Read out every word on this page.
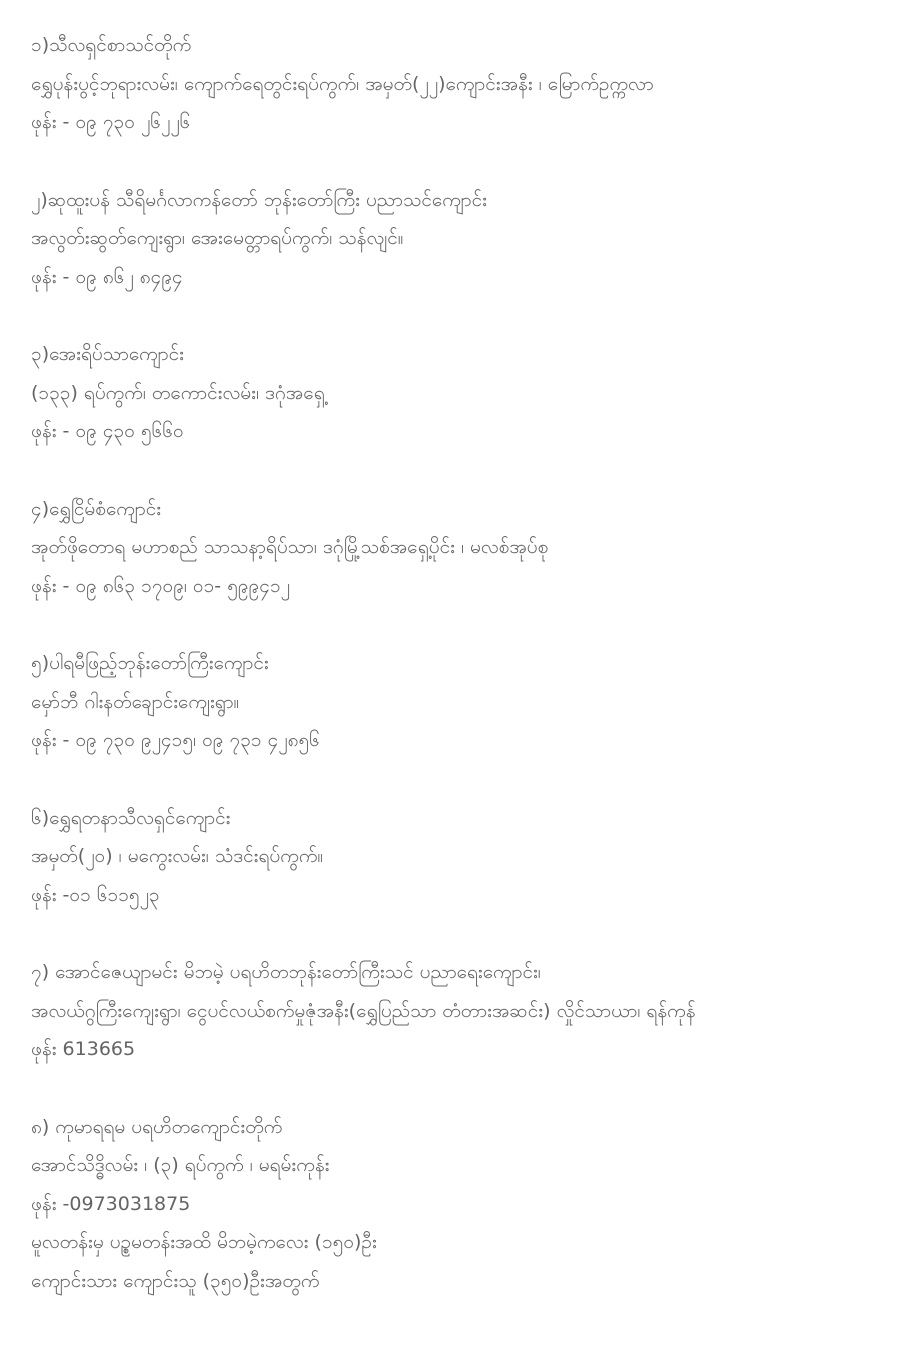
၁)သီလရှင်စာသင်တိုက်
ရွှေပုန်းပွင့်ဘုရားလမ်း၊ ကျောက်ရေတွင်းရပ်ကွက်၊ အမှတ်(၂၂)ကျောင်းအနီး ၊ မြောက်ဥက္ကလာ
ဖုန်း - ၀၉ ၇၃၀ ၂၆၂၂၆
၂)ဆုထူးပန် သီရိမင်္ဂလာကန်တော် ဘုန်းတော်ကြီး ပညာသင်ကျောင်း
အလွတ်းဆွတ်ကျေးရွာ၊ အေးမေတ္တာရပ်ကွက်၊ သန်လျင်။
ဖုန်း - ၀၉ ၈၆၂ ၈၄၉၄
၃)အေးရိပ်သာကျောင်း
(၁၃၃) ရပ်ကွက်၊ တကောင်းလမ်း၊ ဒဂုံအရှေ့
ဖုန်း - ၀၉ ၄၃၀ ၅၆၆၀
၄)ရွှေငြိမ်စံကျောင်း
အုတ်ဖိုတောရ မဟာစည် သာသနာ့ရိပ်သာ၊ ဒဂုံမြို့သစ်အရှေ့ပိုင်း ၊ မလစ်အုပ်စု
ဖုန်း - ၀၉ ၈၆၃ ၁၇၀၉၊ ၀၁- ၅၉၉၄၁၂
၅)ပါရမီဖြည့်ဘုန်းတော်ကြီးကျောင်း
မှော်ဘီ ဂါးနတ်ချောင်းကျေးရွာ။
ဖုန်း - ၀၉ ၇၃၀ ၉၂၄၁၅၊ ၀၉ ၇၃၁ ၄၂၈၅၆
၆)ရွှေရတနာသီလရှင်ကျောင်း
အမှတ်(၂၀) ၊ မကွေးလမ်း၊ သံဒင်းရပ်ကွက်။
ဖုန်း -၀၁ ၆၁၁၅၂၃
၇) အောင်ဇေယျာမင်း မိဘမဲ့ ပရဟိတဘုန်းတော်ကြီးသင် ပညာရေးကျောင်း၊
အလယ်ဂွကြီးကျေးရွာ၊ ငွေပင်လယ်စက်မှုဇုံအနီး(ရွှေပြည်သာ တံတားအဆင်း) လှိုင်သာယာ၊ ရန်ကုန်
ဖုန်း 613665
၈) ကုမာရရမ ပရဟိတကျောင်းတိုက်
အောင်သိဒ္ဓိလမ်း ၊ (၃) ရပ်ကွက် ၊ မရမ်းကုန်း
ဖုန်း -0973031875
မူလတန်းမှ ပဉ္စမတန်းအထိ မိဘမဲ့ကလေး (၁၅၀)ဦး
ကျောင်းသား ကျောင်းသူ (၃၅၀)ဦးအတွက်
